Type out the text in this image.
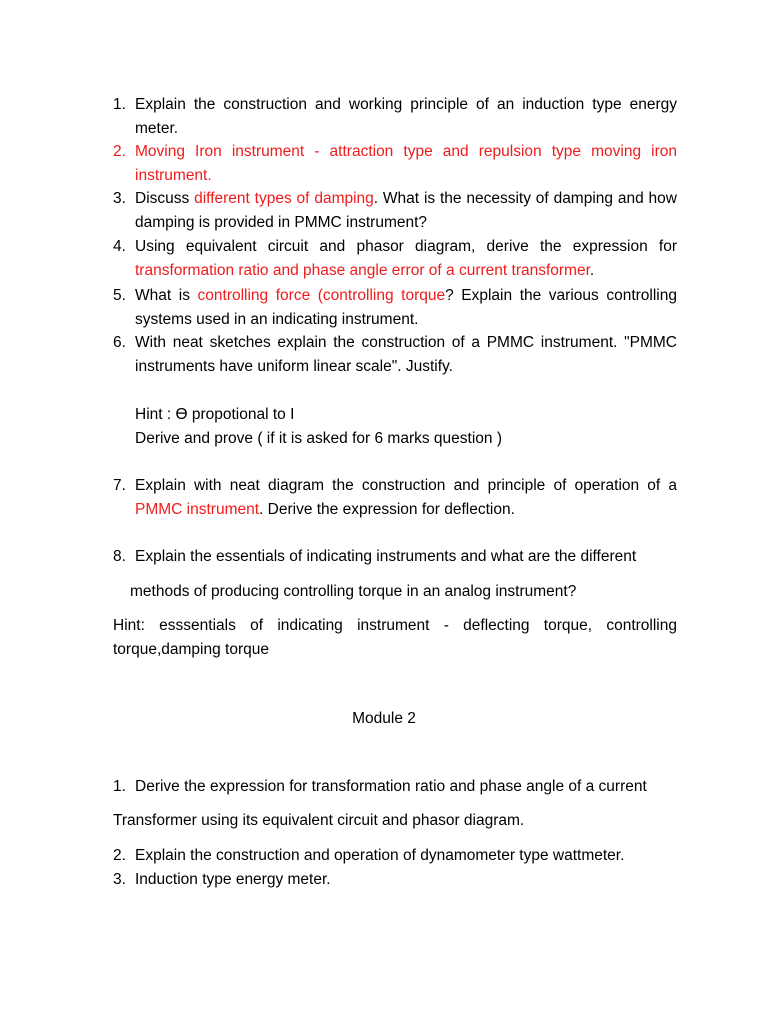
1. Explain the construction and working principle of an induction type energy meter.
2. Moving Iron instrument - attraction type and repulsion type moving iron instrument.
3. Discuss different types of damping. What is the necessity of damping and how damping is provided in PMMC instrument?
4. Using equivalent circuit and phasor diagram, derive the expression for transformation ratio and phase angle error of a current transformer.
5. What is controlling force (controlling torque? Explain the various controlling systems used in an indicating instrument.
6. With neat sketches explain the construction of a PMMC instrument. "PMMC instruments have uniform linear scale". Justify.
Hint : ϴ propotional to I
Derive and prove ( if it is asked for 6 marks question )
7. Explain with neat diagram the construction and principle of operation of a PMMC instrument. Derive the expression for deflection.
8. Explain the essentials of indicating instruments and what are the different
methods of producing controlling torque in an analog instrument?
Hint: esssentials of indicating instrument - deflecting torque, controlling torque,damping torque
Module 2
1. Derive the expression for transformation ratio and phase angle of a current
Transformer using its equivalent circuit and phasor diagram.
2. Explain the construction and operation of dynamometer type wattmeter.
3. Induction type energy meter.
